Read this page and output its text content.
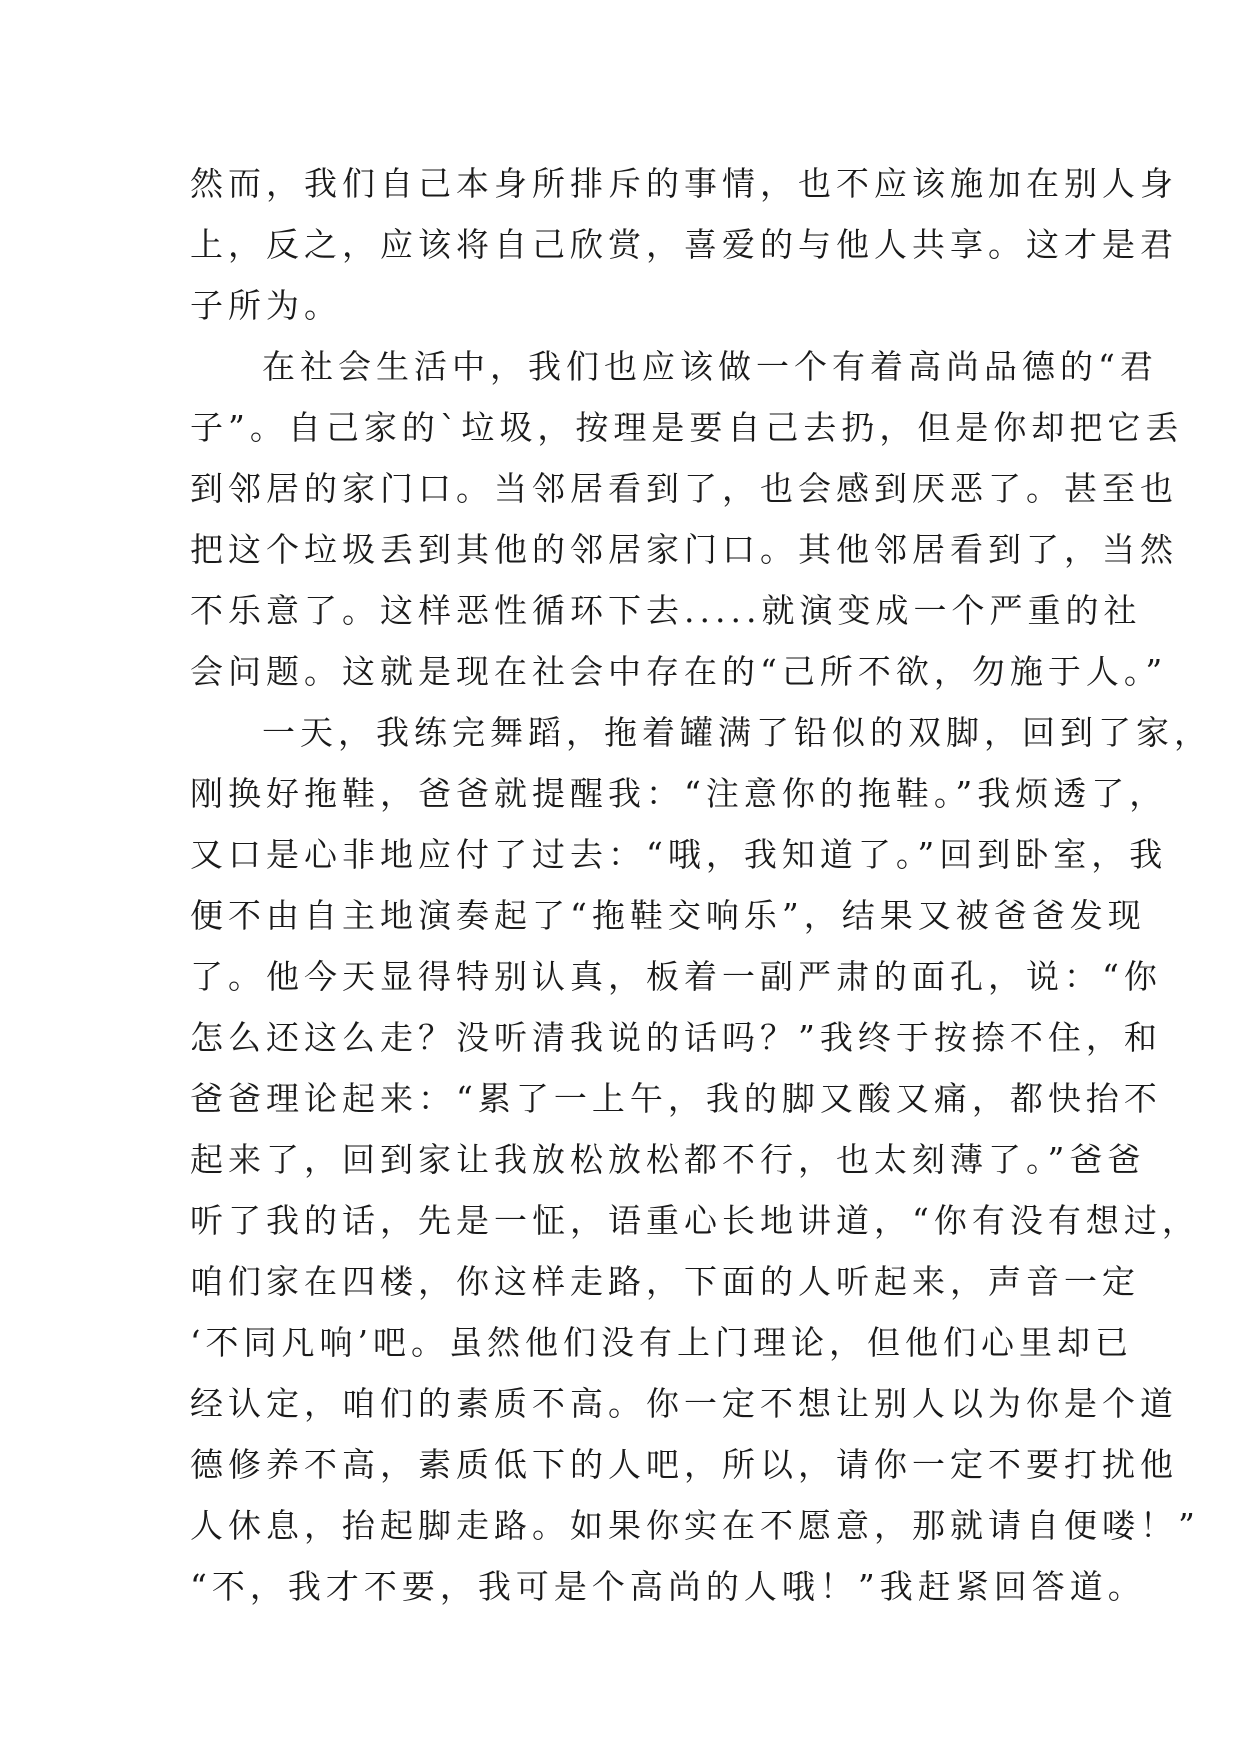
然而，我们自己本身所排斥的事情，也不应该施加在别人身
上，反之，应该将自己欣赏，喜爱的与他人共享。这才是君
子所为。
在社会生活中，我们也应该做一个有着高尚品德的“君
子”。自己家的`垃圾，按理是要自己去扔，但是你却把它丢
到邻居的家门口。当邻居看到了，也会感到厌恶了。甚至也
把这个垃圾丢到其他的邻居家门口。其他邻居看到了，当然
不乐意了。这样恶性循环下去.....就演变成一个严重的社
会问题。这就是现在社会中存在的“己所不欲，勿施于人。”
一天，我练完舞蹈，拖着罐满了铅似的双脚，回到了家，
刚换好拖鞋，爸爸就提醒我：“注意你的拖鞋。”我烦透了，
又口是心非地应付了过去：“哦，我知道了。”回到卧室，我
便不由自主地演奏起了“拖鞋交响乐”，结果又被爸爸发现
了。他今天显得特别认真，板着一副严肃的面孔，说：“你
怎么还这么走？没听清我说的话吗？”我终于按捺不住，和
爸爸理论起来：“累了一上午，我的脚又酸又痛，都快抬不
起来了，回到家让我放松放松都不行，也太刻薄了。”爸爸
听了我的话，先是一怔，语重心长地讲道，“你有没有想过，
咱们家在四楼，你这样走路，下面的人听起来，声音一定
‘不同凡响’吧。虽然他们没有上门理论，但他们心里却已
经认定，咱们的素质不高。你一定不想让别人以为你是个道
德修养不高，素质低下的人吧，所以，请你一定不要打扰他
人休息，抬起脚走路。如果你实在不愿意，那就请自便喽！”
“不，我才不要，我可是个高尚的人哦！”我赶紧回答道。
